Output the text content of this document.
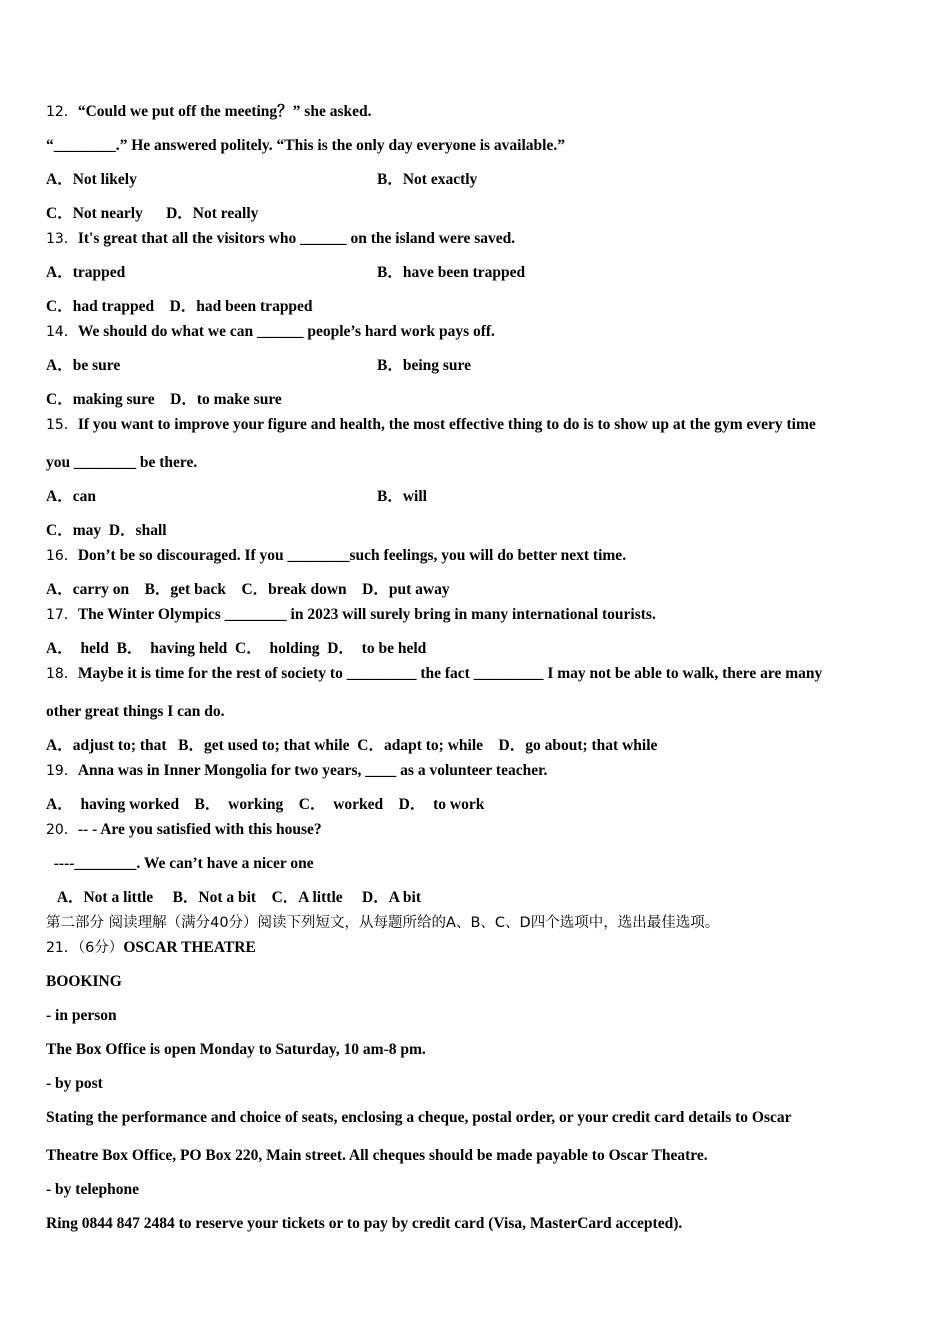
12．“Could we put off the meeting？” she asked.
“________.” He answered politely. “This is the only day everyone is available.”
A．Not likely	B．Not exactly
C．Not nearly      D．Not really
13．It's great that all the visitors who ______ on the island were saved.
A．trapped	B．have been trapped
C．had trapped    D．had been trapped
14．We should do what we can ______ people’s hard work pays off.
A．be sure	B．being sure
C．making sure    D．to make sure
15．If you want to improve your figure and health, the most effective thing to do is to show up at the gym every time
you ________ be there.
A．can	B．will
C．may  D．shall
16．Don’t be so discouraged. If you ________such feelings, you will do better next time.
A．carry on    B．get back    C．break down    D．put away
17．The Winter Olympics ________ in 2023 will surely bring in many international tourists.
A．  held  B．  having held  C．  holding  D．  to be held
18．Maybe it is time for the rest of society to _________ the fact _________ I may not be able to walk, there are many
other great things I can do.
A．adjust to; that   B．get used to; that while  C．adapt to; while    D．go about; that while
19．Anna was in Inner Mongolia for two years, ____ as a volunteer teacher.
A．  having worked    B．  working    C．  worked    D．  to work
20．-- - Are you satisfied with this house?
----________. We can’t have a nicer one
A．Not a little     B．Not a bit    C．A little     D．A bit
第二部分 阅读理解（满分40分）阅读下列短文，从每题所给的A、B、C、D四个选项中，选出最佳选项。
21．（6分）OSCAR THEATRE
BOOKING
- in person
The Box Office is open Monday to Saturday, 10 am-8 pm.
- by post
Stating the performance and choice of seats, enclosing a cheque, postal order, or your credit card details to Oscar
Theatre Box Office, PO Box 220, Main street. All cheques should be made payable to Oscar Theatre.
- by telephone
Ring 0844 847 2484 to reserve your tickets or to pay by credit card (Visa, MasterCard accepted).
